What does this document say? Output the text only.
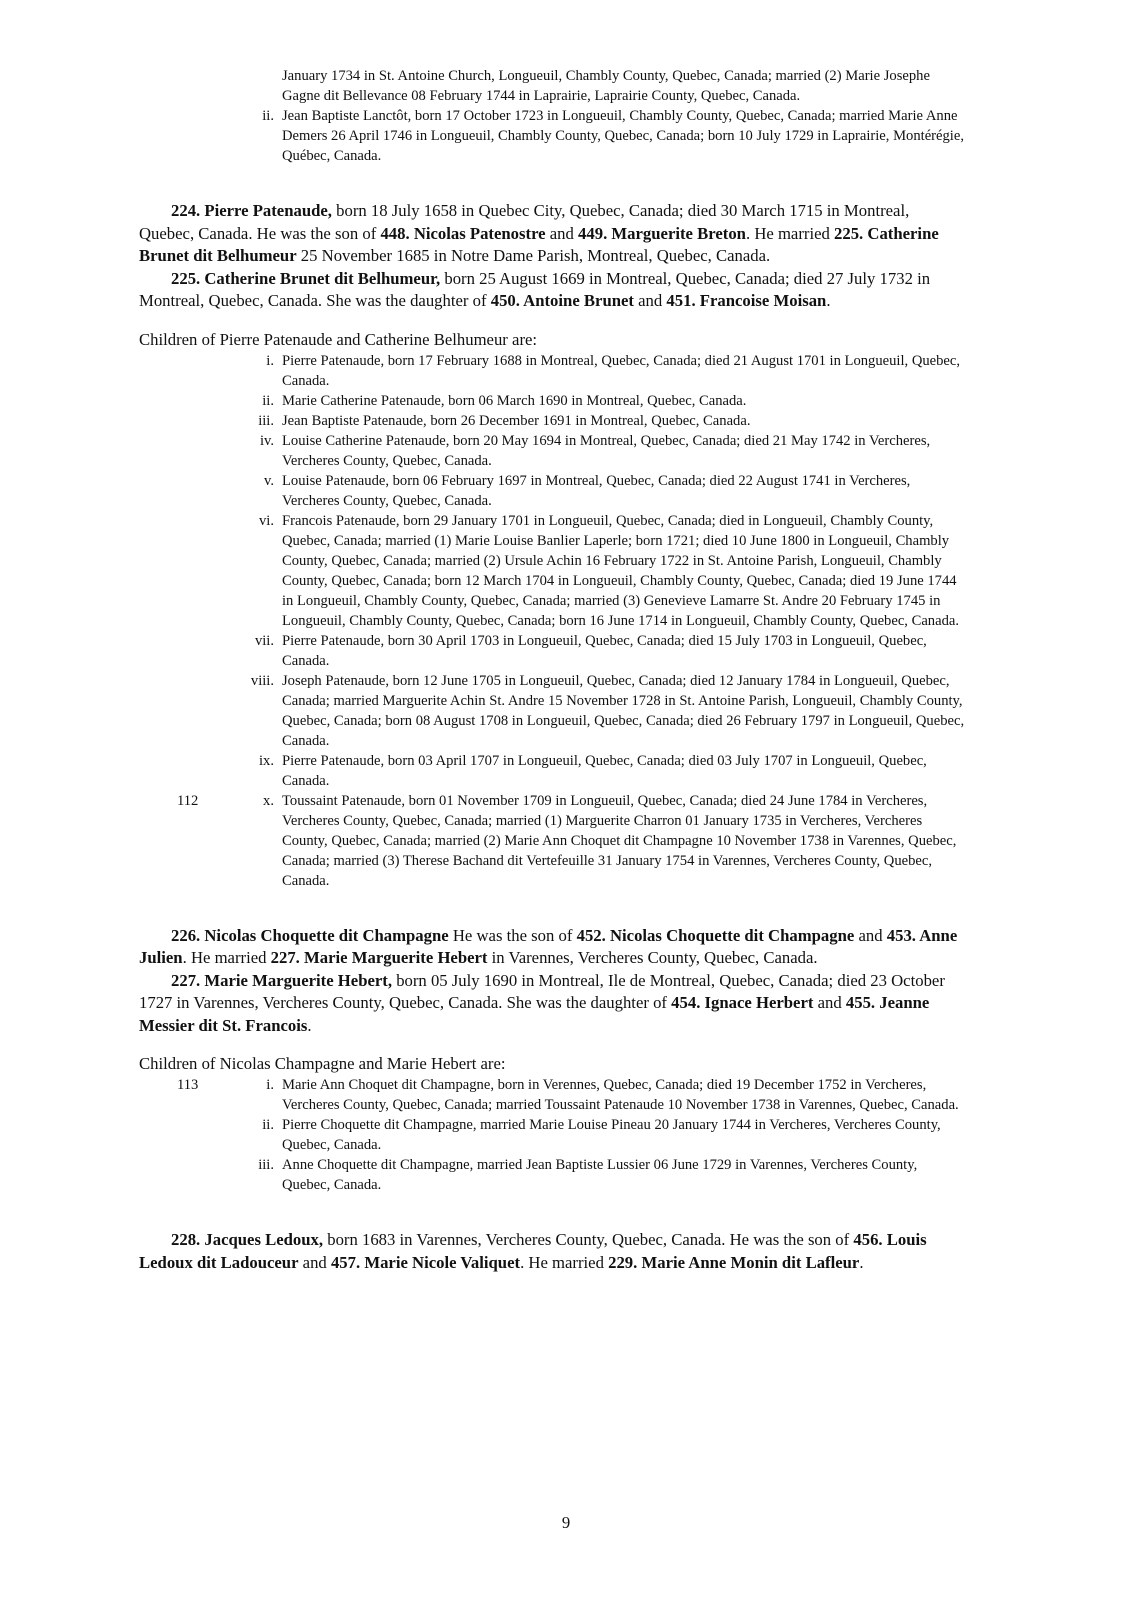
January 1734 in St. Antoine Church, Longueuil, Chambly County, Quebec, Canada; married (2) Marie Josephe Gagne dit Bellevance 08 February 1744 in Laprairie, Laprairie County, Quebec, Canada.
ii. Jean Baptiste Lanctôt, born 17 October 1723 in Longueuil, Chambly County, Quebec, Canada; married Marie Anne Demers 26 April 1746 in Longueuil, Chambly County, Quebec, Canada; born 10 July 1729 in Laprairie, Montérégie, Québec, Canada.

224. Pierre Patenaude, born 18 July 1658 in Quebec City, Quebec, Canada; died 30 March 1715 in Montreal, Quebec, Canada. He was the son of 448. Nicolas Patenostre and 449. Marguerite Breton. He married 225. Catherine Brunet dit Belhumeur 25 November 1685 in Notre Dame Parish, Montreal, Quebec, Canada.

225. Catherine Brunet dit Belhumeur, born 25 August 1669 in Montreal, Quebec, Canada; died 27 July 1732 in Montreal, Quebec, Canada. She was the daughter of 450. Antoine Brunet and 451. Francoise Moisan.

Children of Pierre Patenaude and Catherine Belhumeur are:
i. Pierre Patenaude, born 17 February 1688 in Montreal, Quebec, Canada; died 21 August 1701 in Longueuil, Quebec, Canada.
ii. Marie Catherine Patenaude, born 06 March 1690 in Montreal, Quebec, Canada.
iii. Jean Baptiste Patenaude, born 26 December 1691 in Montreal, Quebec, Canada.
iv. Louise Catherine Patenaude, born 20 May 1694 in Montreal, Quebec, Canada; died 21 May 1742 in Vercheres, Vercheres County, Quebec, Canada.
v. Louise Patenaude, born 06 February 1697 in Montreal, Quebec, Canada; died 22 August 1741 in Vercheres, Vercheres County, Quebec, Canada.
vi. Francois Patenaude, born 29 January 1701 in Longueuil, Quebec, Canada; died in Longueuil, Chambly County, Quebec, Canada; married (1) Marie Louise Banlier Laperle; born 1721; died 10 June 1800 in Longueuil, Chambly County, Quebec, Canada; married (2) Ursule Achin 16 February 1722 in St. Antoine Parish, Longueuil, Chambly County, Quebec, Canada; born 12 March 1704 in Longueuil, Chambly County, Quebec, Canada; died 19 June 1744 in Longueuil, Chambly County, Quebec, Canada; married (3) Genevieve Lamarre St. Andre 20 February 1745 in Longueuil, Chambly County, Quebec, Canada; born 16 June 1714 in Longueuil, Chambly County, Quebec, Canada.
vii. Pierre Patenaude, born 30 April 1703 in Longueuil, Quebec, Canada; died 15 July 1703 in Longueuil, Quebec, Canada.
viii. Joseph Patenaude, born 12 June 1705 in Longueuil, Quebec, Canada; died 12 January 1784 in Longueuil, Quebec, Canada; married Marguerite Achin St. Andre 15 November 1728 in St. Antoine Parish, Longueuil, Chambly County, Quebec, Canada; born 08 August 1708 in Longueuil, Quebec, Canada; died 26 February 1797 in Longueuil, Quebec, Canada.
ix. Pierre Patenaude, born 03 April 1707 in Longueuil, Quebec, Canada; died 03 July 1707 in Longueuil, Quebec, Canada.
112	x. Toussaint Patenaude, born 01 November 1709 in Longueuil, Quebec, Canada; died 24 June 1784 in Vercheres, Vercheres County, Quebec, Canada; married (1) Marguerite Charron 01 January 1735 in Vercheres, Vercheres County, Quebec, Canada; married (2) Marie Ann Choquet dit Champagne 10 November 1738 in Varennes, Quebec, Canada; married (3) Therese Bachand dit Vertefeuille 31 January 1754 in Varennes, Vercheres County, Quebec, Canada.

226. Nicolas Choquette dit Champagne He was the son of 452. Nicolas Choquette dit Champagne and 453. Anne Julien. He married 227. Marie Marguerite Hebert in Varennes, Vercheres County, Quebec, Canada.

227. Marie Marguerite Hebert, born 05 July 1690 in Montreal, Ile de Montreal, Quebec, Canada; died 23 October 1727 in Varennes, Vercheres County, Quebec, Canada. She was the daughter of 454. Ignace Herbert and 455. Jeanne Messier dit St. Francois.

Children of Nicolas Champagne and Marie Hebert are:
113	i. Marie Ann Choquet dit Champagne, born in Verennes, Quebec, Canada; died 19 December 1752 in Vercheres, Vercheres County, Quebec, Canada; married Toussaint Patenaude 10 November 1738 in Varennes, Quebec, Canada.
ii. Pierre Choquette dit Champagne, married Marie Louise Pineau 20 January 1744 in Vercheres, Vercheres County, Quebec, Canada.
iii. Anne Choquette dit Champagne, married Jean Baptiste Lussier 06 June 1729 in Varennes, Vercheres County, Quebec, Canada.

228. Jacques Ledoux, born 1683 in Varennes, Vercheres County, Quebec, Canada. He was the son of 456. Louis Ledoux dit Ladouceur and 457. Marie Nicole Valiquet. He married 229. Marie Anne Monin dit Lafleur.

9
